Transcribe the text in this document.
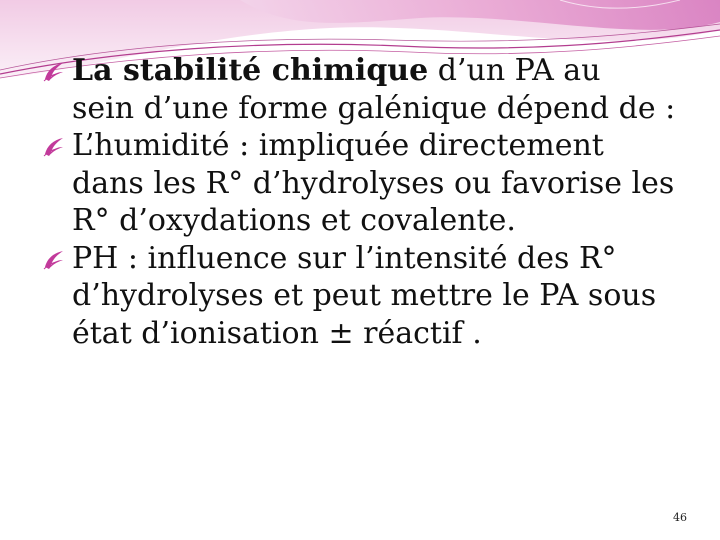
La stabilité chimique d’un PA au
sein d’une forme galénique dépend de :

L’humidité : impliquée directement
dans les R° d’hydrolyses ou favorise les
R° d’oxydations et covalente.

PH : influence sur l’intensité des R°
d’hydrolyses et peut mettre le PA sous
état d’ionisation ± réactif .

46
